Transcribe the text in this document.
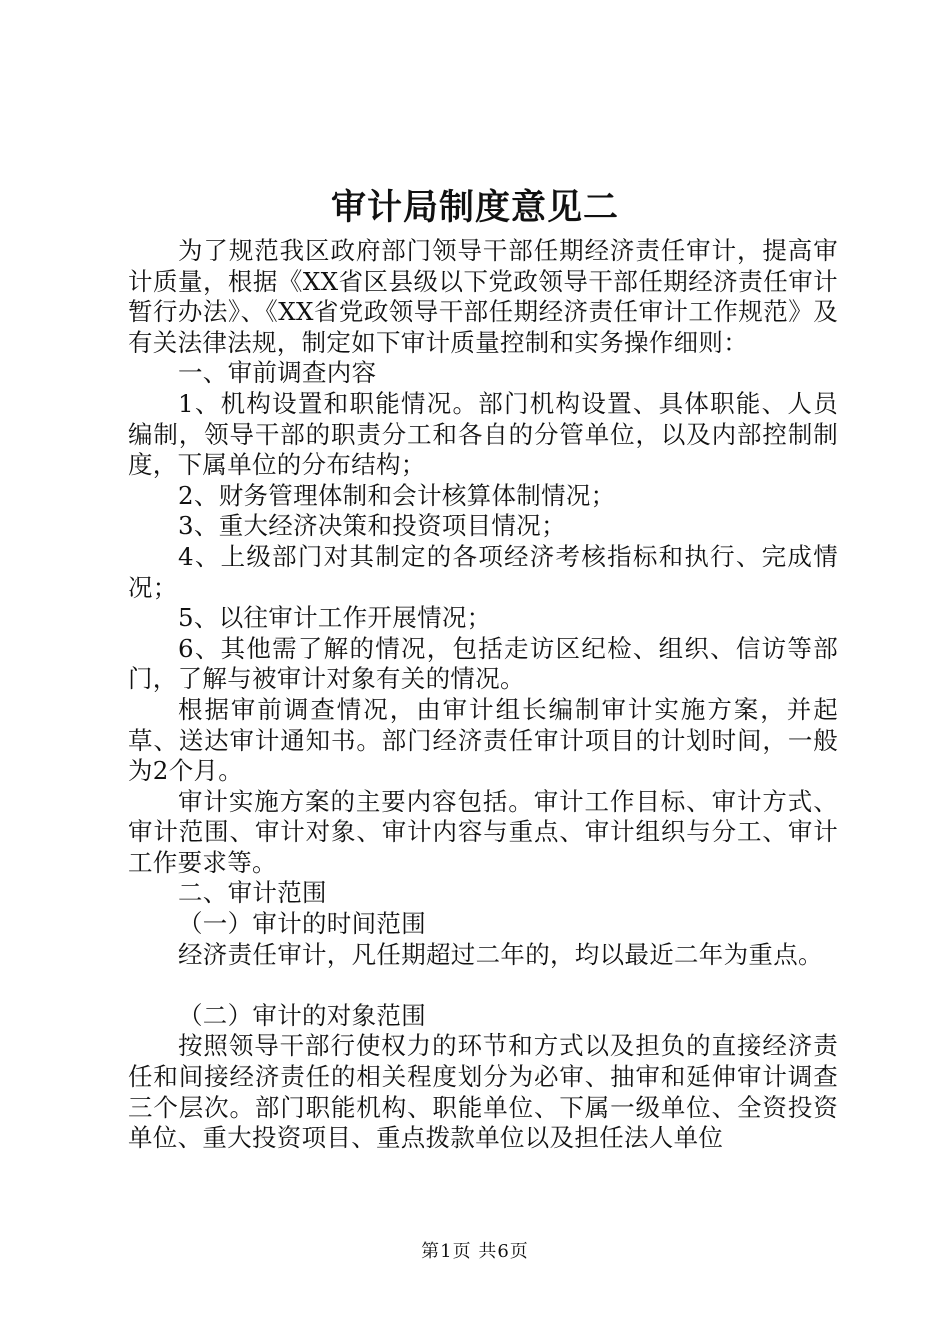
审计局制度意见二

为了规范我区政府部门领导干部任期经济责任审计，提高审计质量，根据《XX省区县级以下党政领导干部任期经济责任审计暂行办法》、《XX省党政领导干部任期经济责任审计工作规范》及有关法律法规，制定如下审计质量控制和实务操作细则：

一、审前调查内容

1、机构设置和职能情况。部门机构设置、具体职能、人员编制，领导干部的职责分工和各自的分管单位，以及内部控制制度，下属单位的分布结构；

2、财务管理体制和会计核算体制情况；

3、重大经济决策和投资项目情况；

4、上级部门对其制定的各项经济考核指标和执行、完成情况；

5、以往审计工作开展情况；

6、其他需了解的情况，包括走访区纪检、组织、信访等部门，了解与被审计对象有关的情况。

根据审前调查情况，由审计组长编制审计实施方案，并起草、送达审计通知书。部门经济责任审计项目的计划时间，一般为2个月。

审计实施方案的主要内容包括。审计工作目标、审计方式、审计范围、审计对象、审计内容与重点、审计组织与分工、审计工作要求等。

二、审计范围

（一）审计的时间范围

经济责任审计，凡任期超过二年的，均以最近二年为重点。

（二）审计的对象范围

按照领导干部行使权力的环节和方式以及担负的直接经济责任和间接经济责任的相关程度划分为必审、抽审和延伸审计调查三个层次。部门职能机构、职能单位、下属一级单位、全资投资单位、重大投资项目、重点拨款单位以及担任法人单位

第1页 共6页
